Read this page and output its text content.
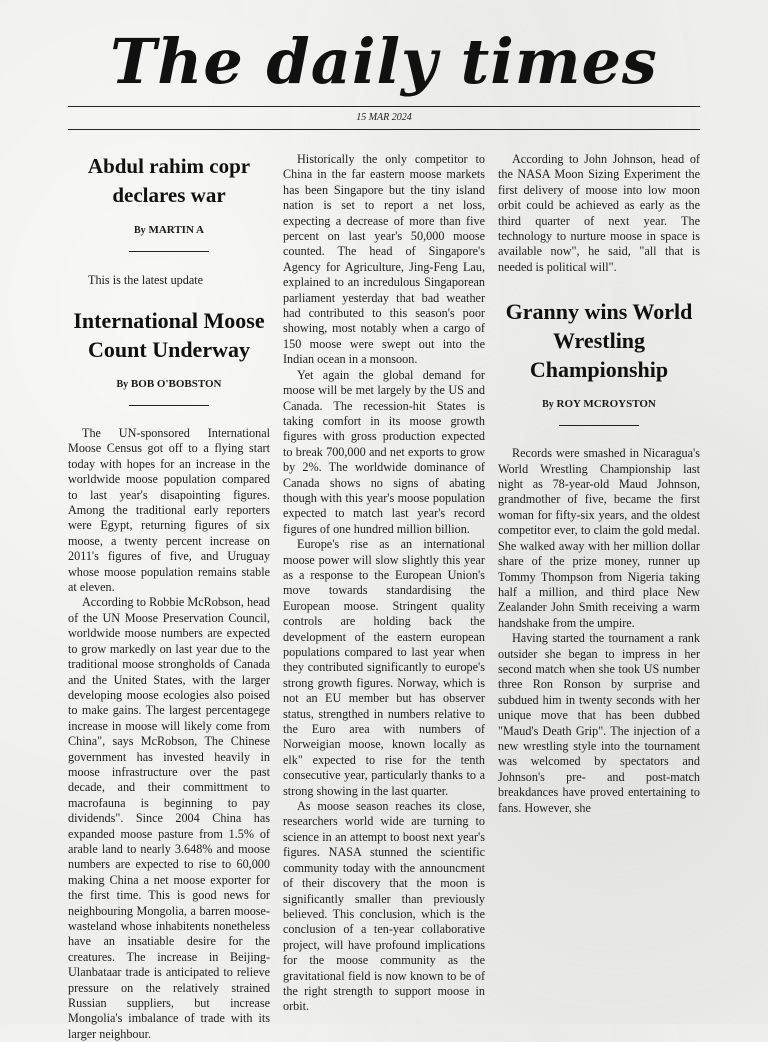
The daily times
15 MAR 2024
Abdul rahim copr declares war

By MARTIN A

This is the latest update

International Moose Count Underway

By BOB O'BOBSTON

The UN-sponsored International Moose Census got off to a flying start today with hopes for an increase in the worldwide moose population compared to last year's disapointing figures. Among the traditional early reporters were Egypt, returning figures of six moose, a twenty percent increase on 2011's figures of five, and Uruguay whose moose population remains stable at eleven.

According to Robbie McRobson, head of the UN Moose Preservation Council, worldwide moose numbers are expected to grow markedly on last year due to the traditional moose strongholds of Canada and the United States, with the larger developing moose ecologies also poised to make gains. The largest percentagege increase in moose will likely come from China", says McRobson, The Chinese government has invested heavily in moose infrastructure over the past decade, and their committment to macrofauna is beginning to pay dividends". Since 2004 China has expanded moose pasture from 1.5% of arable land to nearly 3.648% and moose numbers are expected to rise to 60,000 making China a net moose exporter for the first time. This is good news for neighbouring Mongolia, a barren moose-wasteland whose inhabitents nonetheless have an insatiable desire for the creatures. The increase in Beijing-Ulanbataar trade is anticipated to relieve pressure on the relatively strained Russian suppliers, but increase Mongolia's imbalance of trade with its larger neighbour.

Historically the only competitor to China in the far eastern moose markets has been Singapore but the tiny island nation is set to report a net loss, expecting a decrease of more than five percent on last year's 50,000 moose counted. The head of Singapore's Agency for Agriculture, Jing-Feng Lau, explained to an incredulous Singaporean parliament yesterday that bad weather had contributed to this season's poor showing, most notably when a cargo of 150 moose were swept out into the Indian ocean in a monsoon.

Yet again the global demand for moose will be met largely by the US and Canada. The recession-hit States is taking comfort in its moose growth figures with gross production expected to break 700,000 and net exports to grow by 2%. The worldwide dominance of Canada shows no signs of abating though with this year's moose population expected to match last year's record figures of one hundred million billion.

Europe's rise as an international moose power will slow slightly this year as a response to the European Union's move towards standardising the European moose. Stringent quality controls are holding back the development of the eastern european populations compared to last year when they contributed significantly to europe's strong growth figures. Norway, which is not an EU member but has observer status, strengthed in numbers relative to the Euro area with numbers of Norweigian moose, known locally as elk" expected to rise for the tenth consecutive year, particularly thanks to a strong showing in the last quarter.

As moose season reaches its close, researchers world wide are turning to science in an attempt to boost next year's figures. NASA stunned the scientific community today with the announcment of their discovery that the moon is significantly smaller than previously believed. This conclusion, which is the conclusion of a ten-year collaborative project, will have profound implications for the moose community as the gravitational field is now known to be of the right strength to support moose in orbit.

According to John Johnson, head of the NASA Moon Sizing Experiment the first delivery of moose into low moon orbit could be achieved as early as the third quarter of next year. The technology to nurture moose in space is available now", he said, "all that is needed is political will".

Granny wins World Wrestling Championship

By ROY MCROYSTON

Records were smashed in Nicaragua's World Wrestling Championship last night as 78-year-old Maud Johnson, grandmother of five, became the first woman for fifty-six years, and the oldest competitor ever, to claim the gold medal. She walked away with her million dollar share of the prize money, runner up Tommy Thompson from Nigeria taking half a million, and third place New Zealander John Smith receiving a warm handshake from the umpire.

Having started the tournament a rank outsider she began to impress in her second match when she took US number three Ron Ronson by surprise and subdued him in twenty seconds with her unique move that has been dubbed "Maud's Death Grip". The injection of a new wrestling style into the tournament was welcomed by spectators and Johnson's pre- and post-match breakdances have proved entertaining to fans. However, she
